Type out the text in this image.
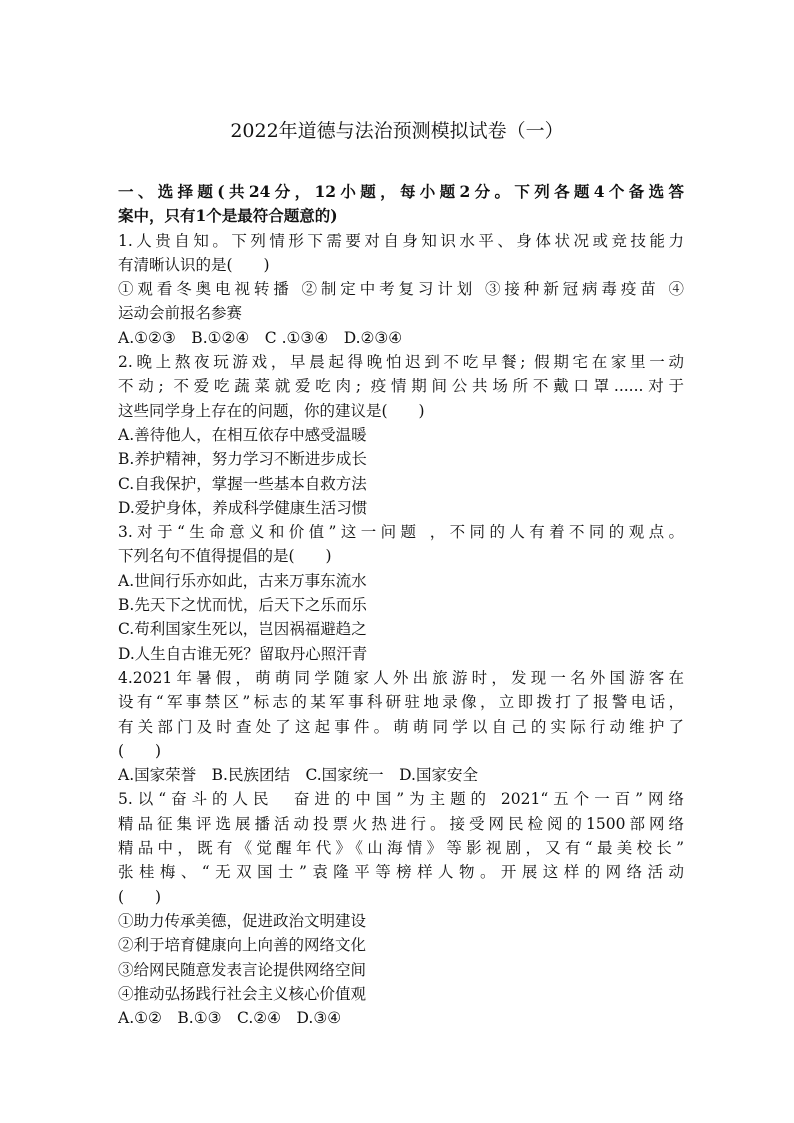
2022年道德与法治预测模拟试卷（一）
一、选择题(共24分，12小题，每小题2分。下列各题4个备选答
案中，只有1个是最符合题意的)
1.人贵自知。下列情形下需要对自身知识水平、身体状况或竞技能力
有清晰认识的是(　　)
①观看冬奥电视转播 ②制定中考复习计划 ③接种新冠病毒疫苗 ④
运动会前报名参赛
A.①②③　B.①②④　C .①③④　D.②③④
2.晚上熬夜玩游戏，早晨起得晚怕迟到不吃早餐; 假期宅在家里一动
不动; 不爱吃蔬菜就爱吃肉; 疫情期间公共场所不戴口罩......对于
这些同学身上存在的问题，你的建议是(　　)
A.善待他人，在相互依存中感受温暖
B.养护精神，努力学习不断进步成长
C.自我保护，掌握一些基本自救方法
D.爱护身体，养成科学健康生活习惯
3.对于“生命意义和价值”这一问题 ，不同的人有着不同的观点。
下列名句不值得提倡的是(　　)
A.世间行乐亦如此，古来万事东流水
B.先天下之忧而忧，后天下之乐而乐
C.苟利国家生死以，岂因祸福避趋之
D.人生自古谁无死？留取丹心照汗青
4.2021年暑假，萌萌同学随家人外出旅游时，发现一名外国游客在
设有“军事禁区”标志的某军事科研驻地录像，立即拨打了报警电话，
有关部门及时查处了这起事件。萌萌同学以自己的实际行动维护了
(　　)
A.国家荣誉　B.民族团结　C.国家统一　D.国家安全
5.以“奋斗的人民　奋进的中国”为主题的 2021“五个一百”网络
精品征集评选展播活动投票火热进行。接受网民检阅的1500部网络
精品中，既有《觉醒年代》《山海情》等影视剧，又有“最美校长”
张桂梅、“无双国士”袁隆平等榜样人物。开展这样的网络活动
(　　)
①助力传承美德，促进政治文明建设
②利于培育健康向上向善的网络文化
③给网民随意发表言论提供网络空间
④推动弘扬践行社会主义核心价值观
A.①②　B.①③　C.②④　D.③④
